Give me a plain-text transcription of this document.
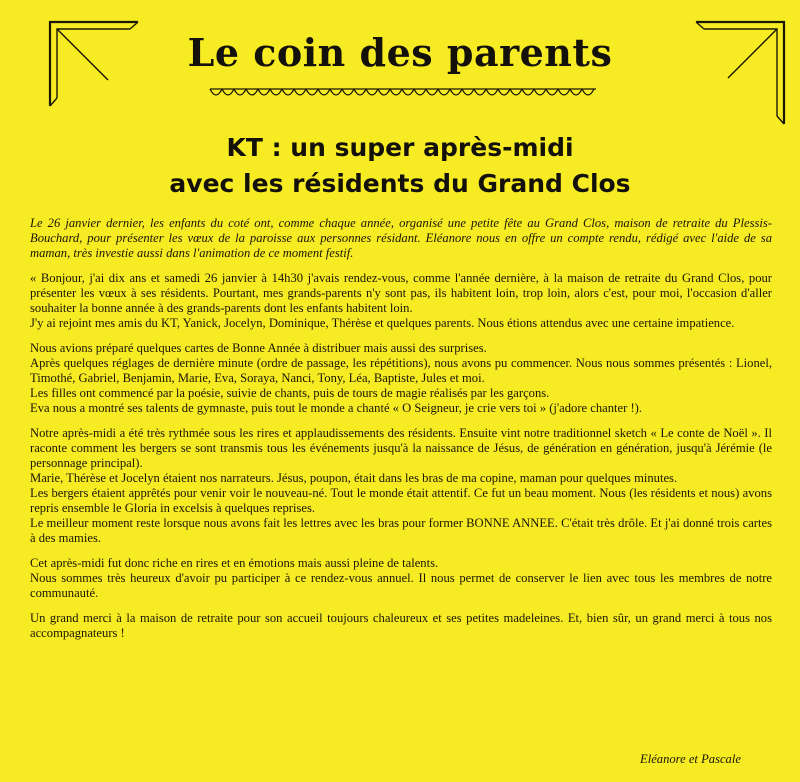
Le coin des parents
KT : un super après-midi
avec les résidents du Grand Clos

Le 26 janvier dernier, les enfants du coté ont, comme chaque année, organisé une petite fête au Grand Clos, maison de retraite du Plessis-Bouchard, pour présenter les vœux de la paroisse aux personnes résidant. Eléanore nous en offre un compte rendu, rédigé avec l'aide de sa maman, très investie aussi dans l'animation de ce moment festif.

« Bonjour, j'ai dix ans et samedi 26 janvier à 14h30 j'avais rendez-vous, comme l'année dernière, à la maison de retraite du Grand Clos, pour présenter les vœux à ses résidents. Pourtant, mes grands-parents n'y sont pas, ils habitent loin, trop loin, alors c'est, pour moi, l'occasion d'aller souhaiter la bonne année à des grands-parents dont les enfants habitent loin.
J'y ai rejoint mes amis du KT, Yanick, Jocelyn, Dominique, Thérèse et quelques parents. Nous étions attendus avec une certaine impatience.

Nous avions préparé quelques cartes de Bonne Année à distribuer mais aussi des surprises.
Après quelques réglages de dernière minute (ordre de passage, les répétitions), nous avons pu commencer. Nous nous sommes présentés : Lionel, Timothé, Gabriel, Benjamin, Marie, Eva, Soraya, Nanci, Tony, Léa, Baptiste, Jules et moi.
Les filles ont commencé par la poésie, suivie de chants, puis de tours de magie réalisés par les garçons.
Eva nous a montré ses talents de gymnaste, puis tout le monde a chanté « O Seigneur, je crie vers toi » (j'adore chanter !).

Notre après-midi a été très rythmée sous les rires et applaudissements des résidents. Ensuite vint notre traditionnel sketch « Le conte de Noël ». Il raconte comment les bergers se sont transmis tous les événements jusqu'à la naissance de Jésus, de génération en génération, jusqu'à Jérémie (le personnage principal).
Marie, Thérèse et Jocelyn étaient nos narrateurs. Jésus, poupon, était dans les bras de ma copine, maman pour quelques minutes.
Les bergers étaient apprêtés pour venir voir le nouveau-né. Tout le monde était attentif. Ce fut un beau moment. Nous (les résidents et nous) avons repris ensemble le Gloria in excelsis à quelques reprises.
Le meilleur moment reste lorsque nous avons fait les lettres avec les bras pour former BONNE ANNEE. C'était très drôle. Et j'ai donné trois cartes à des mamies.

Cet après-midi fut donc riche en rires et en émotions mais aussi pleine de talents.
Nous sommes très heureux d'avoir pu participer à ce rendez-vous annuel. Il nous permet de conserver le lien avec tous les membres de notre communauté.

Un grand merci à la maison de retraite pour son accueil toujours chaleureux et ses petites madeleines. Et, bien sûr, un grand merci à tous nos accompagnateurs !

Eléanore et Pascale
